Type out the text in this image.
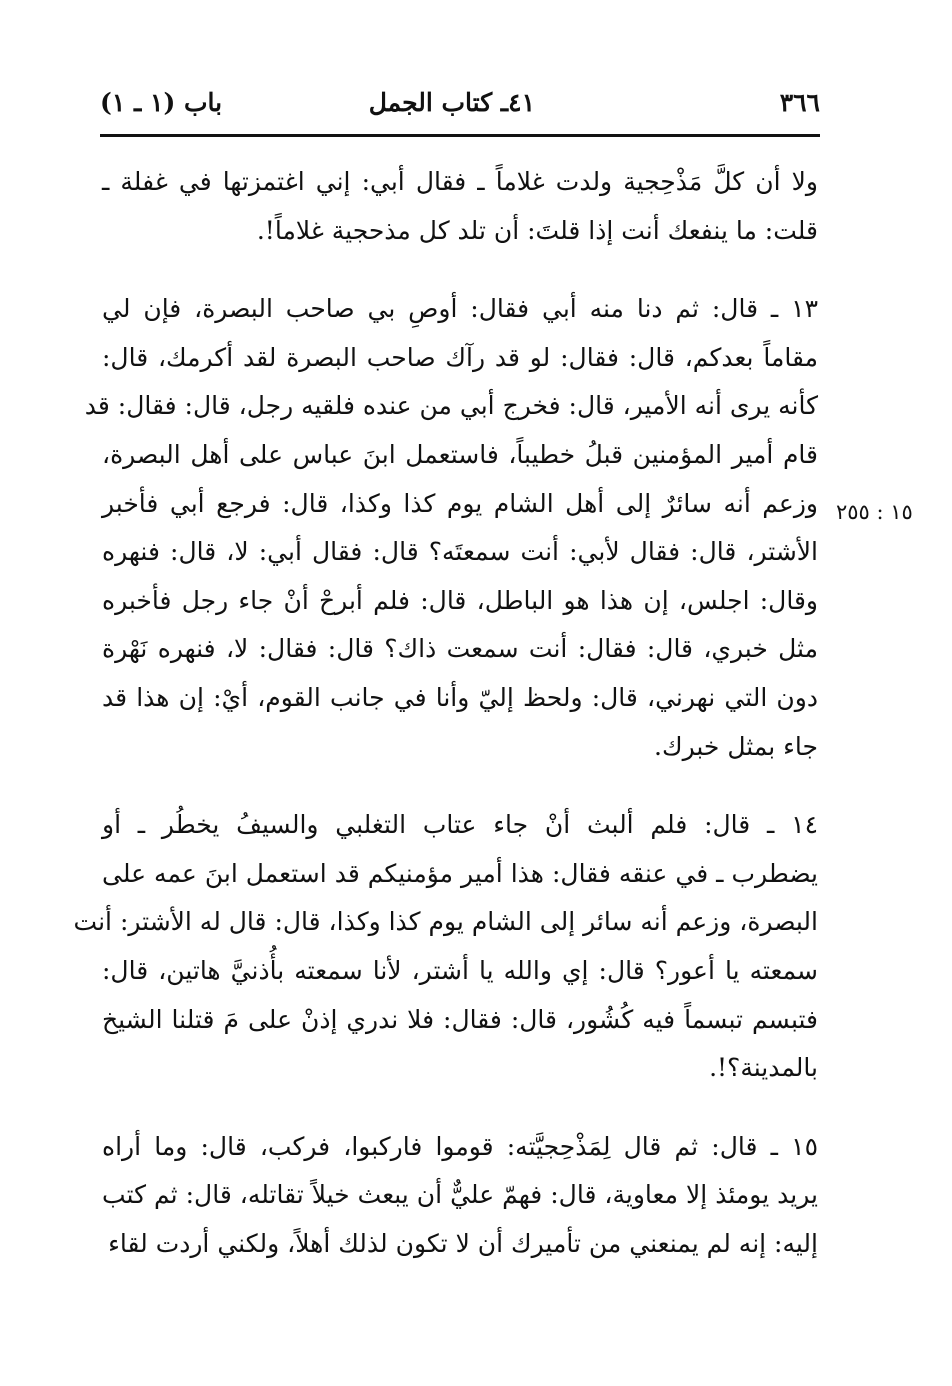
٣٦٦
٤١ـ كتاب الجمل
باب (١ ـ ١)
١٥ : ٢٥٥
ولا أن كلَّ مَذْحِجية ولدت غلاماً ـ فقال أبي: إني اغتمزتها في غفلة ـ
قلت: ما ينفعك أنت إذا قلتَ: أن تلد كل مذحجية غلاماً!.
١٣ ـ قال: ثم دنا منه أبي فقال: أوصِ بي صاحب البصرة، فإن لي
مقاماً بعدكم، قال: فقال: لو قد رآك صاحب البصرة لقد أكرمك، قال:
كأنه يرى أنه الأمير، قال: فخرج أبي من عنده فلقيه رجل، قال: فقال: قد
قام أمير المؤمنين قبلُ خطيباً، فاستعمل ابنَ عباس على أهل البصرة،
وزعم أنه سائرٌ إلى أهل الشام يوم كذا وكذا، قال: فرجع أبي فأخبر
الأشتر، قال: فقال لأبي: أنت سمعتَه؟ قال: فقال أبي: لا، قال: فنهره
وقال: اجلس، إن هذا هو الباطل، قال: فلم أبرحْ أنْ جاء رجل فأخبره
مثل خبري، قال: فقال: أنت سمعت ذاك؟ قال: فقال: لا، فنهره نَهْرة
دون التي نهرني، قال: ولحظ إليّ وأنا في جانب القوم، أيْ: إن هذا قد
جاء بمثل خبرك.
١٤ ـ قال: فلم ألبث أنْ جاء عتاب التغلبي والسيفُ يخطُر ـ أو
يضطرب ـ في عنقه فقال: هذا أمير مؤمنيكم قد استعمل ابنَ عمه على
البصرة، وزعم أنه سائر إلى الشام يوم كذا وكذا، قال: قال له الأشتر: أنت
سمعته يا أعور؟ قال: إي والله يا أشتر، لأنا سمعته بأُذنيَّ هاتين، قال:
فتبسم تبسماً فيه كُشُور، قال: فقال: فلا ندري إذنْ على مَ قتلنا الشيخ
بالمدينة؟!.
١٥ ـ قال: ثم قال لِمَذْحِجيَّته: قوموا فاركبوا، فركب، قال: وما أراه
يريد يومئذ إلا معاوية، قال: فهمّ عليٌّ أن يبعث خيلاً تقاتله، قال: ثم كتب
إليه: إنه لم يمنعني من تأميرك أن لا تكون لذلك أهلاً، ولكني أردت لقاء
